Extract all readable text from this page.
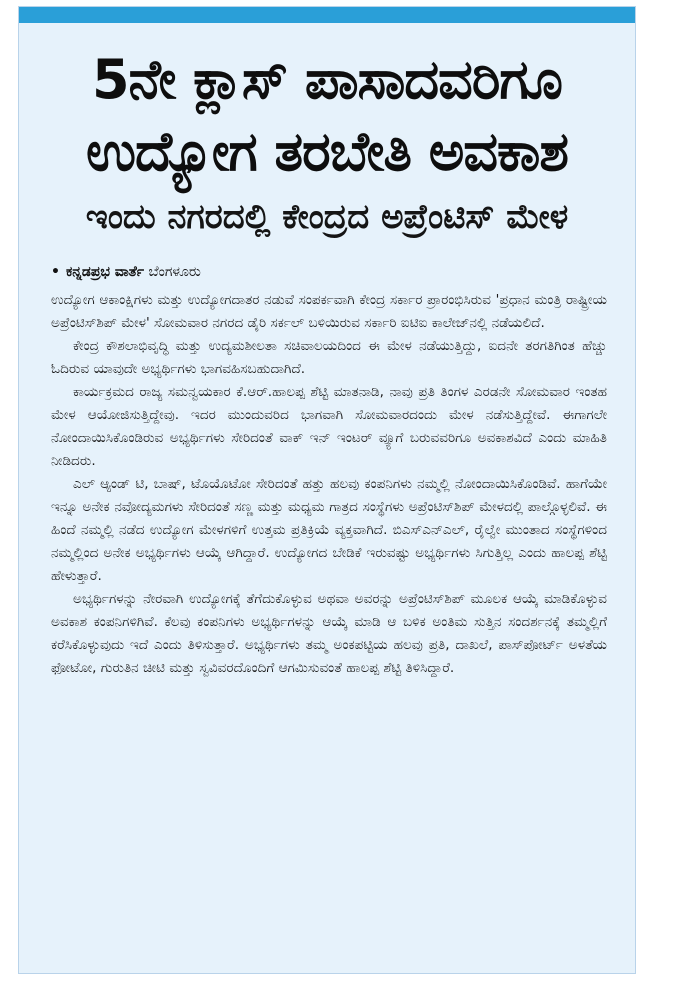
5ನೇ ಕ್ಲಾಸ್ ಪಾಸಾದವರಿಗೂ
ಉದ್ಯೋಗ ತರಬೇತಿ ಅವಕಾಶ
ಇಂದು ನಗರದಲ್ಲಿ ಕೇಂದ್ರದ ಅಪ್ರೆಂಟಿಸ್ ಮೇಳ
• ಕನ್ನಡಪ್ರಭ ವಾರ್ತೆ ಬೆಂಗಳೂರು

ಉದ್ಯೋಗ ಆಕಾಂಕ್ಷಿಗಳು ಮತ್ತು ಉದ್ಯೋಗದಾತರ ನಡುವೆ ಸಂಪರ್ಕವಾಗಿ ಕೇಂದ್ರ ಸರ್ಕಾರ ಪ್ರಾರಂಭಿಸಿರುವ 'ಪ್ರಧಾನ ಮಂತ್ರಿ ರಾಷ್ಟ್ರೀಯ ಅಪ್ರೆಂಟಿಸ್‌ಶಿಪ್ ಮೇಳ' ಸೋಮವಾರ ನಗರದ ಡೈರಿ ಸರ್ಕಲ್ ಬಳಿಯಿರುವ ಸರ್ಕಾರಿ ಐಟಿಐ ಕಾಲೇಜ್‌ನಲ್ಲಿ ನಡೆಯಲಿದೆ.

ಕೇಂದ್ರ ಕೌಶಲಾಭಿವೃದ್ಧಿ ಮತ್ತು ಉದ್ಯಮಶೀಲತಾ ಸಚಿವಾಲಯದಿಂದ ಈ ಮೇಳ ನಡೆಯುತ್ತಿದ್ದು, ಐದನೇ ತರಗತಿಗಿಂತ ಹೆಚ್ಚು ಓದಿರುವ ಯಾವುದೇ ಅಭ್ಯರ್ಥಿಗಳು ಭಾಗವಹಿಸಬಹುದಾಗಿದೆ.

ಕಾರ್ಯಕ್ರಮದ ರಾಜ್ಯ ಸಮನ್ವಯಕಾರ ಕೆ.ಆರ್.ಹಾಲಪ್ಪ ಶೆಟ್ಟಿ ಮಾತನಾಡಿ, ನಾವು ಪ್ರತಿ ತಿಂಗಳ ಎರಡನೇ ಸೋಮವಾರ ಇಂತಹ ಮೇಳ ಆಯೋಜಿಸುತ್ತಿದ್ದೇವು. ಇದರ ಮುಂದುವರಿದ ಭಾಗವಾಗಿ ಸೋಮವಾರದಂದು ಮೇಳ ನಡೆಸುತ್ತಿದ್ದೇವೆ. ಈಗಾಗಲೇ ನೋಂದಾಯಿಸಿಕೊಂಡಿರುವ ಅಭ್ಯರ್ಥಿಗಳು ಸೇರಿದಂತೆ ವಾಕ್ ಇನ್ ಇಂಟರ್ ವ್ಯೂಗೆ ಬರುವವರಿಗೂ ಅವಕಾಶವಿದೆ ಎಂದು ಮಾಹಿತಿ ನೀಡಿದರು.

ಎಲ್ ಆ್ಯಂಡ್ ಟಿ, ಬಾಷ್, ಟೊಯೊಟೋ ಸೇರಿದಂತೆ ಹತ್ತು ಹಲವು ಕಂಪನಿಗಳು ನಮ್ಮಲ್ಲಿ ನೋಂದಾಯಿಸಿಕೊಂಡಿವೆ. ಹಾಗೆಯೇ ಇನ್ನೂ ಅನೇಕ ನವೋದ್ಯಮಗಳು ಸೇರಿದಂತೆ ಸಣ್ಣ ಮತ್ತು ಮಧ್ಯಮ ಗಾತ್ರದ ಸಂಸ್ಥೆಗಳು ಅಪ್ರೆಂಟಿಸ್‌ಶಿಪ್ ಮೇಳದಲ್ಲಿ ಪಾಲ್ಗೊಳ್ಳಲಿವೆ. ಈ ಹಿಂದೆ ನಮ್ಮಲ್ಲಿ ನಡೆದ ಉದ್ಯೋಗ ಮೇಳಗಳಿಗೆ ಉತ್ತಮ ಪ್ರತಿಕ್ರಿಯೆ ವ್ಯಕ್ತವಾಗಿದೆ. ಬಿಎಸ್‌ಎನ್‌ಎಲ್, ರೈಲ್ವೇ ಮುಂತಾದ ಸಂಸ್ಥೆಗಳಿಂದ ನಮ್ಮಲ್ಲಿಂದ ಅನೇಕ ಅಭ್ಯರ್ಥಿಗಳು ಆಯ್ಕೆ ಆಗಿದ್ದಾರೆ. ಉದ್ಯೋಗದ ಬೇಡಿಕೆ ಇರುವಷ್ಟು ಅಭ್ಯರ್ಥಿಗಳು ಸಿಗುತ್ತಿಲ್ಲ ಎಂದು ಹಾಲಪ್ಪ ಶೆಟ್ಟಿ ಹೇಳುತ್ತಾರೆ.

ಅಭ್ಯರ್ಥಿಗಳನ್ನು ನೇರವಾಗಿ ಉದ್ಯೋಗಕ್ಕೆ ತೆಗೆದುಕೊಳ್ಳುವ ಅಥವಾ ಅವರನ್ನು ಅಪ್ರೆಂಟಿಸ್‌ಶಿಪ್ ಮೂಲಕ ಆಯ್ಕೆ ಮಾಡಿಕೊಳ್ಳುವ ಅವಕಾಶ ಕಂಪನಿಗಳಿಗಿವೆ. ಕೆಲವು ಕಂಪನಿಗಳು ಅಭ್ಯರ್ಥಿಗಳನ್ನು ಆಯ್ಕೆ ಮಾಡಿ ಆ ಬಳಿಕ ಅಂತಿಮ ಸುತ್ತಿನ ಸಂದರ್ಶನಕ್ಕೆ ತಮ್ಮಲ್ಲಿಗೆ ಕರೆಸಿಕೊಳ್ಳುವುದು ಇದೆ ಎಂದು ತಿಳಿಸುತ್ತಾರೆ. ಅಭ್ಯರ್ಥಿಗಳು ತಮ್ಮ ಅಂಕಪಟ್ಟಿಯ ಹಲವು ಪ್ರತಿ, ದಾಖಲೆ, ಪಾಸ್‌ಪೋರ್ಟ್ ಅಳತೆಯ ಫೋಟೋ, ಗುರುತಿನ ಚೀಟಿ ಮತ್ತು ಸ್ವವಿವರದೊಂದಿಗೆ ಆಗಮಿಸುವಂತೆ ಹಾಲಪ್ಪ ಶೆಟ್ಟಿ ತಿಳಿಸಿದ್ದಾರೆ.
